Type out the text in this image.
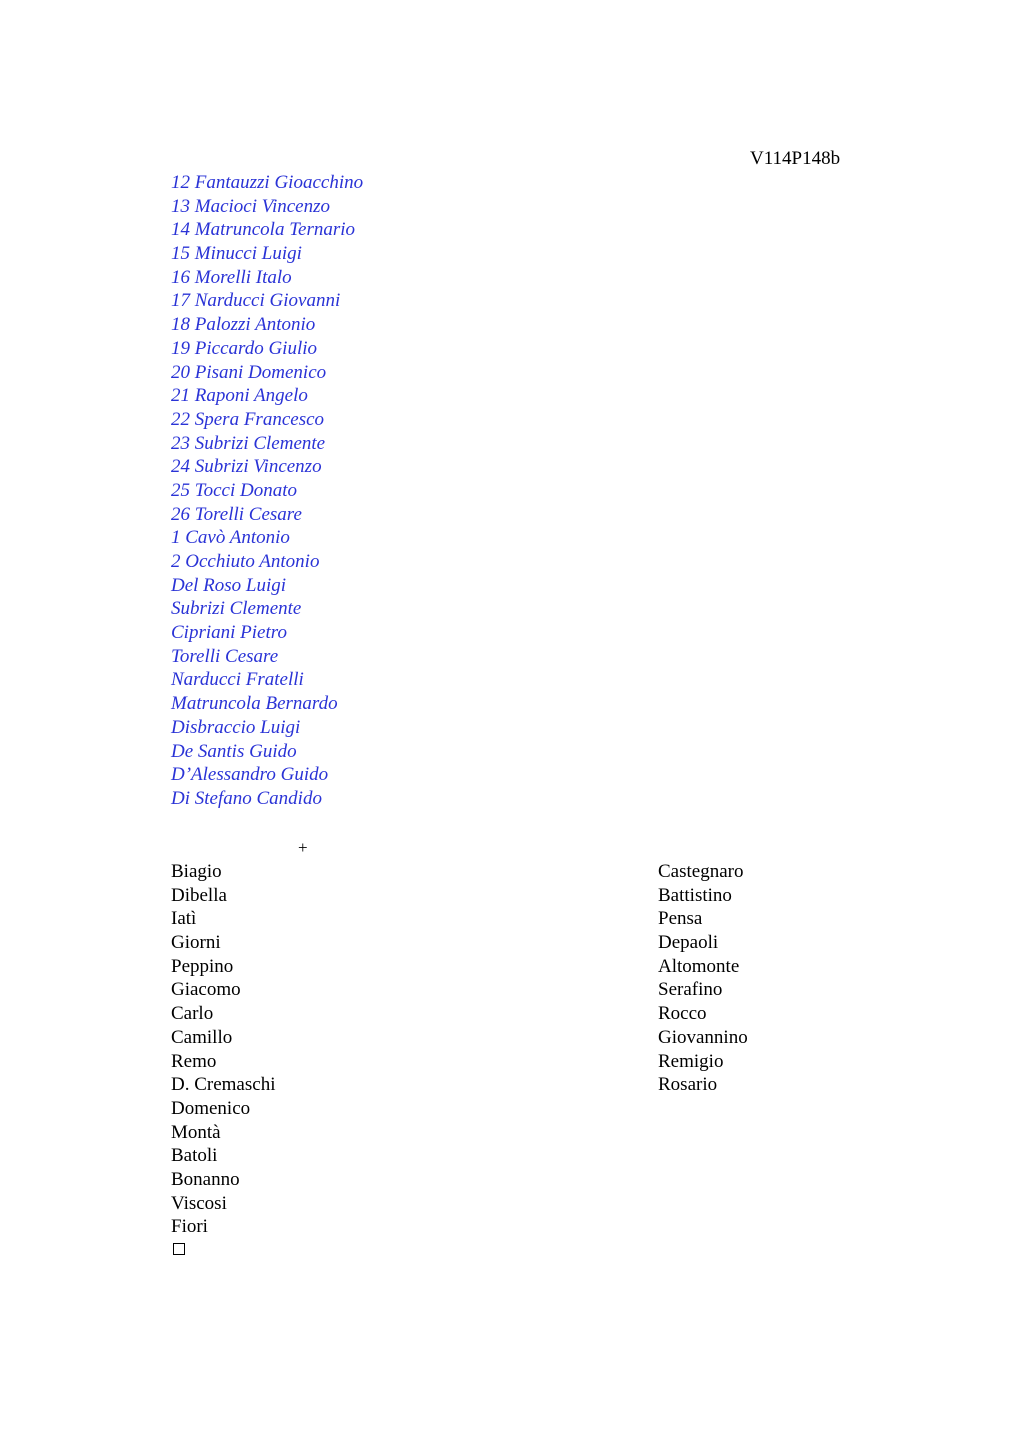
V114P148b
12 Fantauzzi Gioacchino
13 Macioci Vincenzo
14 Matruncola Ternario
15 Minucci Luigi
16 Morelli Italo
17 Narducci Giovanni
18 Palozzi Antonio
19 Piccardo Giulio
20 Pisani Domenico
21 Raponi Angelo
22 Spera Francesco
23 Subrizi Clemente
24 Subrizi Vincenzo
25 Tocci Donato
26 Torelli Cesare
1 Cavò Antonio
2 Occhiuto Antonio
Del Roso Luigi
Subrizi Clemente
Cipriani Pietro
Torelli Cesare
Narducci Fratelli
Matruncola Bernardo
Disbraccio Luigi
De Santis Guido
D’Alessandro Guido
Di Stefano Candido
+
Biagio
Dibella
Iatì
Giorni
Peppino
Giacomo
Carlo
Camillo
Remo
D. Cremaschi
Domenico
Montà
Batoli
Bonanno
Viscosi
Fiori
Castegnaro
Battistino
Pensa
Depaoli
Altomonte
Serafino
Rocco
Giovannino
Remigio
Rosario
